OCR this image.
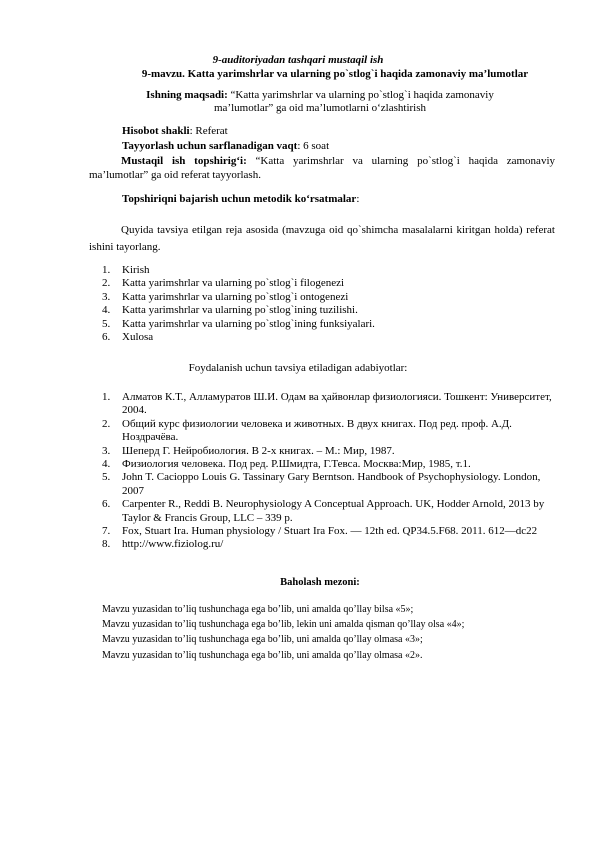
9-auditoriyadan tashqari mustaqil ish
9-mavzu. Katta yarimshrlar va ularning po`stlog`i haqida zamonaviy ma’lumotlar
Ishning maqsadi: “Katta yarimshrlar va ularning po`stlog`i haqida zamonaviy ma’lumotlar” ga oid ma’lumotlarni o‘zlashtirish
Hisobot shakli: Referat
Tayyorlash uchun sarflanadigan vaqt: 6 soat
Mustaqil ish topshirig‘i: “Katta yarimshrlar va ularning po`stlog`i haqida zamonaviy ma’lumotlar” ga oid referat tayyorlash.
Topshiriqni bajarish uchun metodik ko‘rsatmalar:
Quyida tavsiya etilgan reja asosida (mavzuga oid qo`shimcha masalalarni kiritgan holda) referat ishini tayorlang.
1.	Kirish
2.	Katta yarimshrlar va ularning po`stlog`i filogenezi
3.	Katta yarimshrlar va ularning po`stlog`i ontogenezi
4.	Katta yarimshrlar va ularning po`stlog`ining tuzilishi.
5.	Katta yarimshrlar va ularning po`stlog`ining funksiyalari.
6.	Xulosa
Foydalanish uchun tavsiya etiladigan adabiyotlar:
1.	Алматов К.Т., Алламуратов Ш.И. Одам ва ҳайвонлар физиологияси. Тошкент: Университет, 2004.
2.	Общий курс физиологии человека и животных. В двух книгах. Под ред. проф. А.Д. Ноздрачёва.
3.	Шеперд Г. Нейробиология. В 2-х книгах. – М.: Мир, 1987.
4.	Физиология человека. Под ред. Р.Шмидта, Г.Тевса. Москва:Мир, 1985, т.1.
5.	John T. Cacioppo Louis G. Tassinary Gary Berntson. Handbook of Psychophysiology. London, 2007
6.	Carpenter R., Reddi B. Neurophysiology A Conceptual Approach. UK, Hodder Arnold, 2013 by Taylor & Francis Group, LLC – 339 p.
7.	Fox, Stuart Ira. Human physiology / Stuart Ira Fox. — 12th ed. QP34.5.F68. 2011. 612—dc22
8.	http://www.fiziolog.ru/
Baholash mezoni:
Mavzu yuzasidan to’liq tushunchaga ega bo’lib, uni amalda qo’llay bilsa «5»;
Mavzu yuzasidan to’liq tushunchaga ega bo’lib, lekin uni amalda qisman qo’llay olsa «4»;
Mavzu yuzasidan to’liq tushunchaga ega bo’lib, uni amalda qo’llay olmasa «3»;
Mavzu yuzasidan to’liq tushunchaga ega bo’lib, uni amalda qo’llay olmasa «2».
